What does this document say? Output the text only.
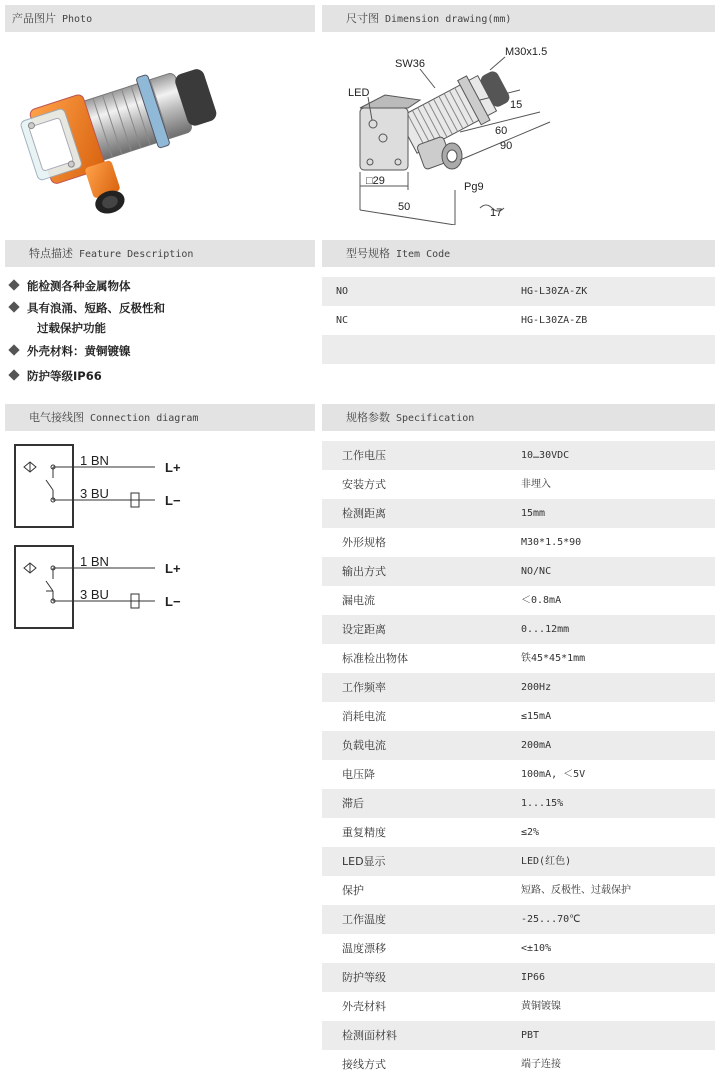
产品图片 Photo	尺寸图 Dimension drawing(mm)
特点描述 Feature Description	型号规格 Item Code
电气接线图 Connection diagram	规格参数 Specification
LED
SW36
M30x1.5
15
60
90
□29
50
Pg9
17
能检测各种金属物体
具有浪涌、短路、反极性和
过载保护功能
外壳材料：黄铜镀镍
防护等级IP66
NO	HG-L30ZA-ZK
NC	HG-L30ZA-ZB
1 BN
3 BU
L+
L−
1 BN
3 BU
L+
L−
工作电压	10…30VDC
安装方式	非埋入
检测距离	15mm
外形规格	M30*1.5*90
输出方式	NO/NC
漏电流	＜0.8mA
设定距离	0...12mm
标准检出物体	铁45*45*1mm
工作频率	200Hz
消耗电流	≤15mA
负载电流	200mA
电压降	100mA, ＜5V
滞后	1...15%
重复精度	≤2%
LED显示	LED(红色)
保护	短路、反极性、过载保护
工作温度	-25...70℃
温度漂移	<±10%
防护等级	IP66
外壳材料	黄铜镀镍
检测面材料	PBT
接线方式	端子连接
